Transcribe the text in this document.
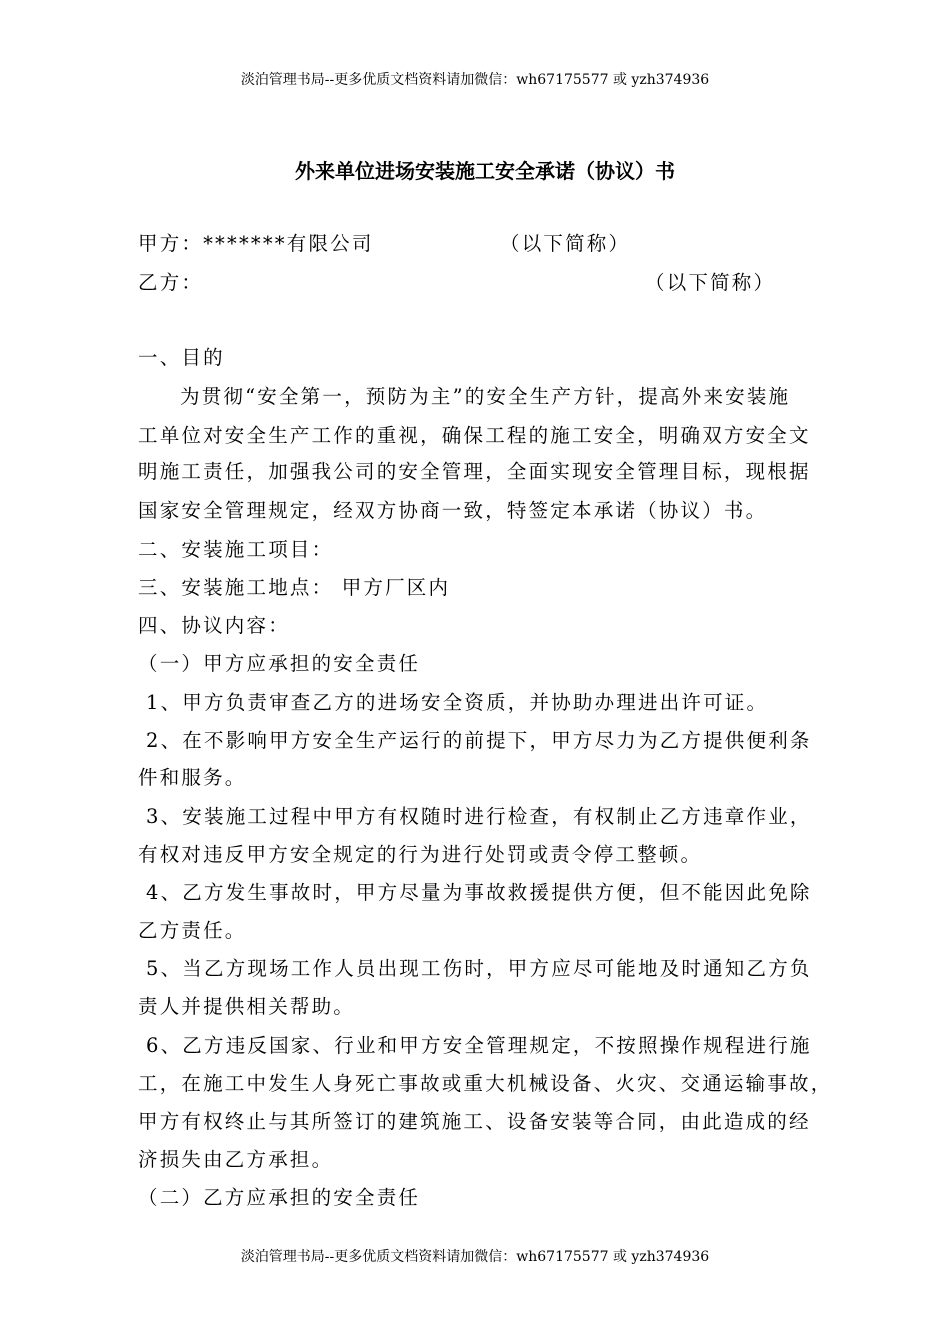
淡泊管理书局--更多优质文档资料请加微信：wh67175577 或 yzh374936
外来单位进场安装施工安全承诺（协议）书
甲方：*******有限公司	（以下简称）
乙方：	（以下简称）
一、目的
为贯彻“安全第一，预防为主”的安全生产方针，提高外来安装施
工单位对安全生产工作的重视，确保工程的施工安全，明确双方安全文
明施工责任，加强我公司的安全管理，全面实现安全管理目标，现根据
国家安全管理规定，经双方协商一致，特签定本承诺（协议）书。
二、安装施工项目：
三、安装施工地点： 甲方厂区内
四、协议内容：
（一）甲方应承担的安全责任
1、甲方负责审查乙方的进场安全资质，并协助办理进出许可证。
2、在不影响甲方安全生产运行的前提下，甲方尽力为乙方提供便利条
件和服务。
3、安装施工过程中甲方有权随时进行检查，有权制止乙方违章作业，
有权对违反甲方安全规定的行为进行处罚或责令停工整顿。
4、乙方发生事故时，甲方尽量为事故救援提供方便，但不能因此免除
乙方责任。
5、当乙方现场工作人员出现工伤时，甲方应尽可能地及时通知乙方负
责人并提供相关帮助。
6、乙方违反国家、行业和甲方安全管理规定，不按照操作规程进行施
工，在施工中发生人身死亡事故或重大机械设备、火灾、交通运输事故，
甲方有权终止与其所签订的建筑施工、设备安装等合同，由此造成的经
济损失由乙方承担。
（二）乙方应承担的安全责任
淡泊管理书局--更多优质文档资料请加微信：wh67175577 或 yzh374936
